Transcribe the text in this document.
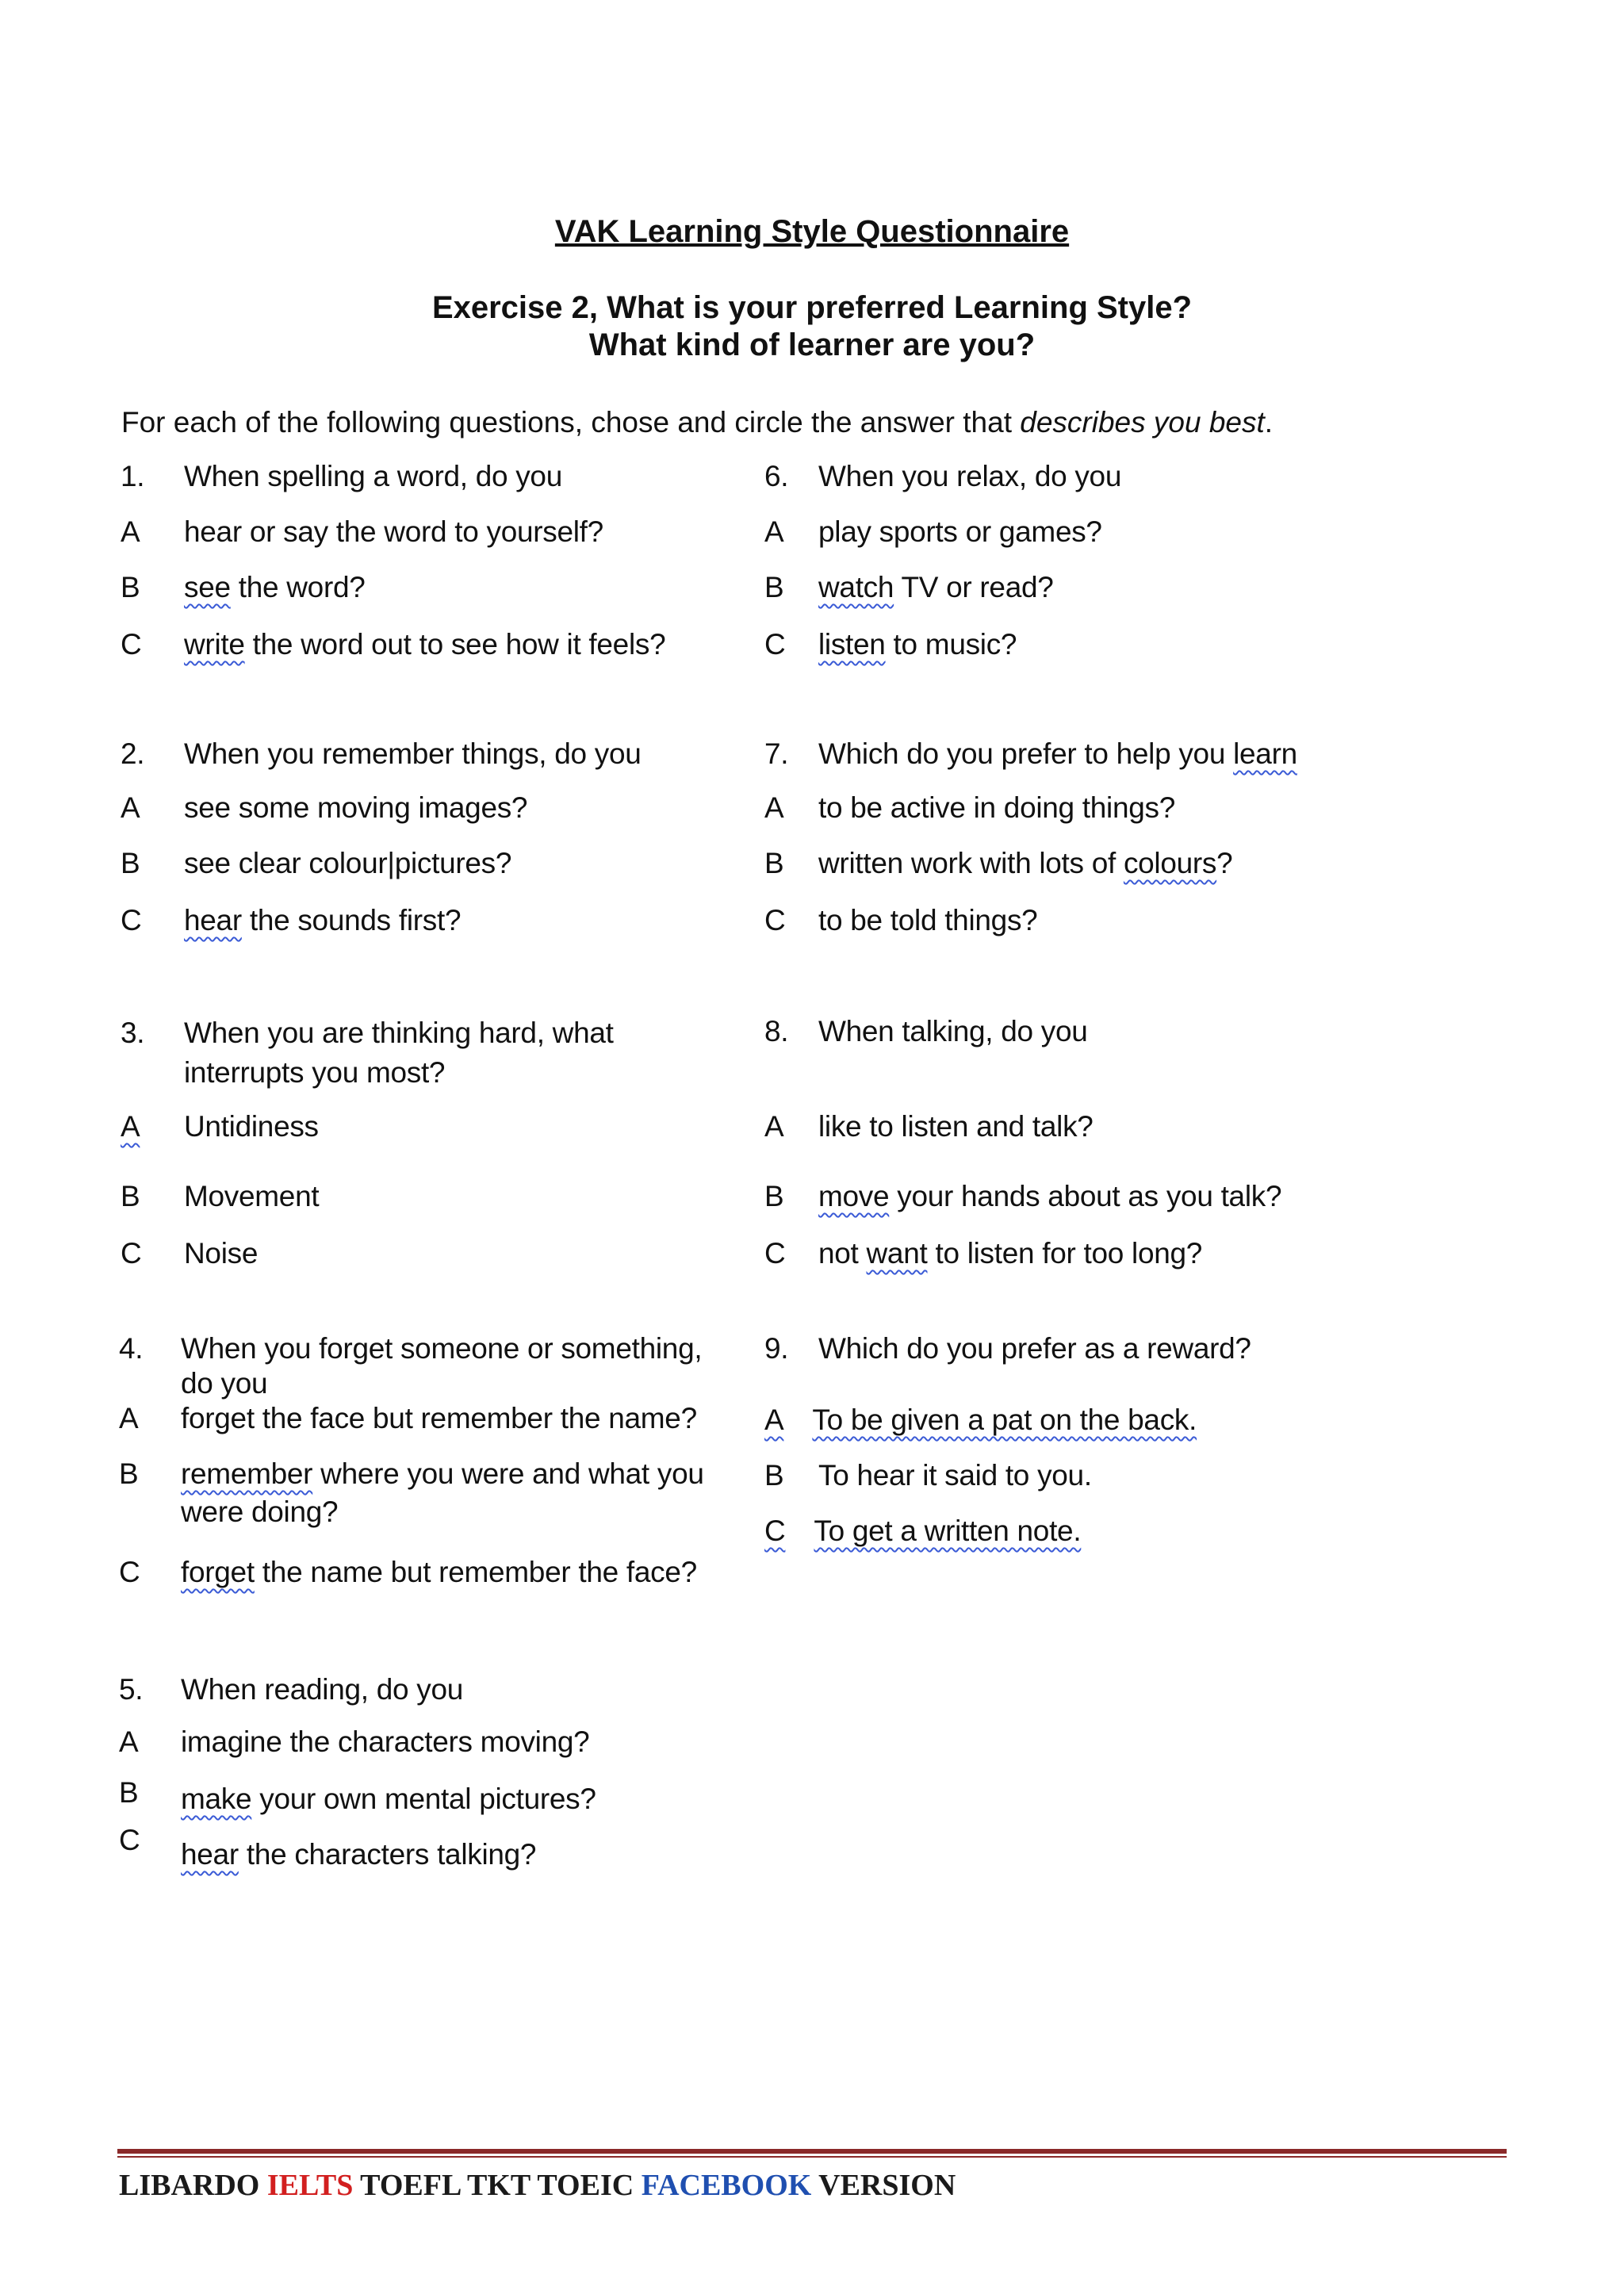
VAK Learning Style Questionnaire
Exercise 2, What is your preferred Learning Style?
What kind of learner are you?
For each of the following questions, chose and circle the answer that describes you best.
1. When spelling a word, do you
A hear or say the word to yourself?
B see the word?
C write the word out to see how it feels?
2. When you remember things, do you
A see some moving images?
B see clear colour|pictures?
C hear the sounds first?
3. When you are thinking hard, what
interrupts you most?
A Untidiness
B Movement
C Noise
4. When you forget someone or something,
do you
A forget the face but remember the name?
B remember where you were and what you
were doing?
C forget the name but remember the face?
5. When reading, do you
A imagine the characters moving?
B make your own mental pictures?
C hear the characters talking?
6. When you relax, do you
A play sports or games?
B watch TV or read?
C listen to music?
7. Which do you prefer to help you learn
A to be active in doing things?
B written work with lots of colours?
C to be told things?
8. When talking, do you
A like to listen and talk?
B move your hands about as you talk?
C not want to listen for too long?
9. Which do you prefer as a reward?
A To be given a pat on the back.
B To hear it said to you.
C To get a written note.
LIBARDO IELTS TOEFL TKT TOEIC FACEBOOK VERSION
